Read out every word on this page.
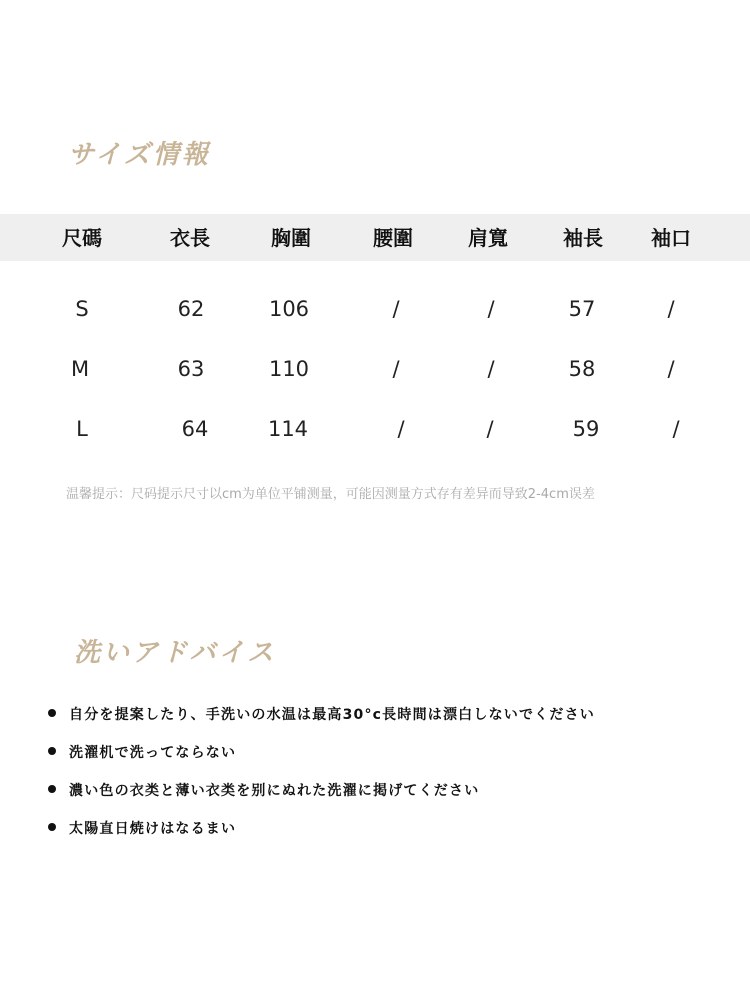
サイズ情報
尺碼	衣長	胸圍	腰圍	肩寬	袖長	袖口
S	62	106	/	/	57	/
M	63	110	/	/	58	/
L	64	114	/	/	59	/
温馨提示：尺码提示尺寸以cm为单位平铺测量，可能因测量方式存有差异而导致2-4cm误差
洗いアドバイス
自分を提案したり、手洗いの水温は最高30°c長時間は漂白しないでください
洗濯机で洗ってならない
濃い色の衣类と薄い衣类を别にぬれた洗濯に掲げてください
太陽直日焼けはなるまい
